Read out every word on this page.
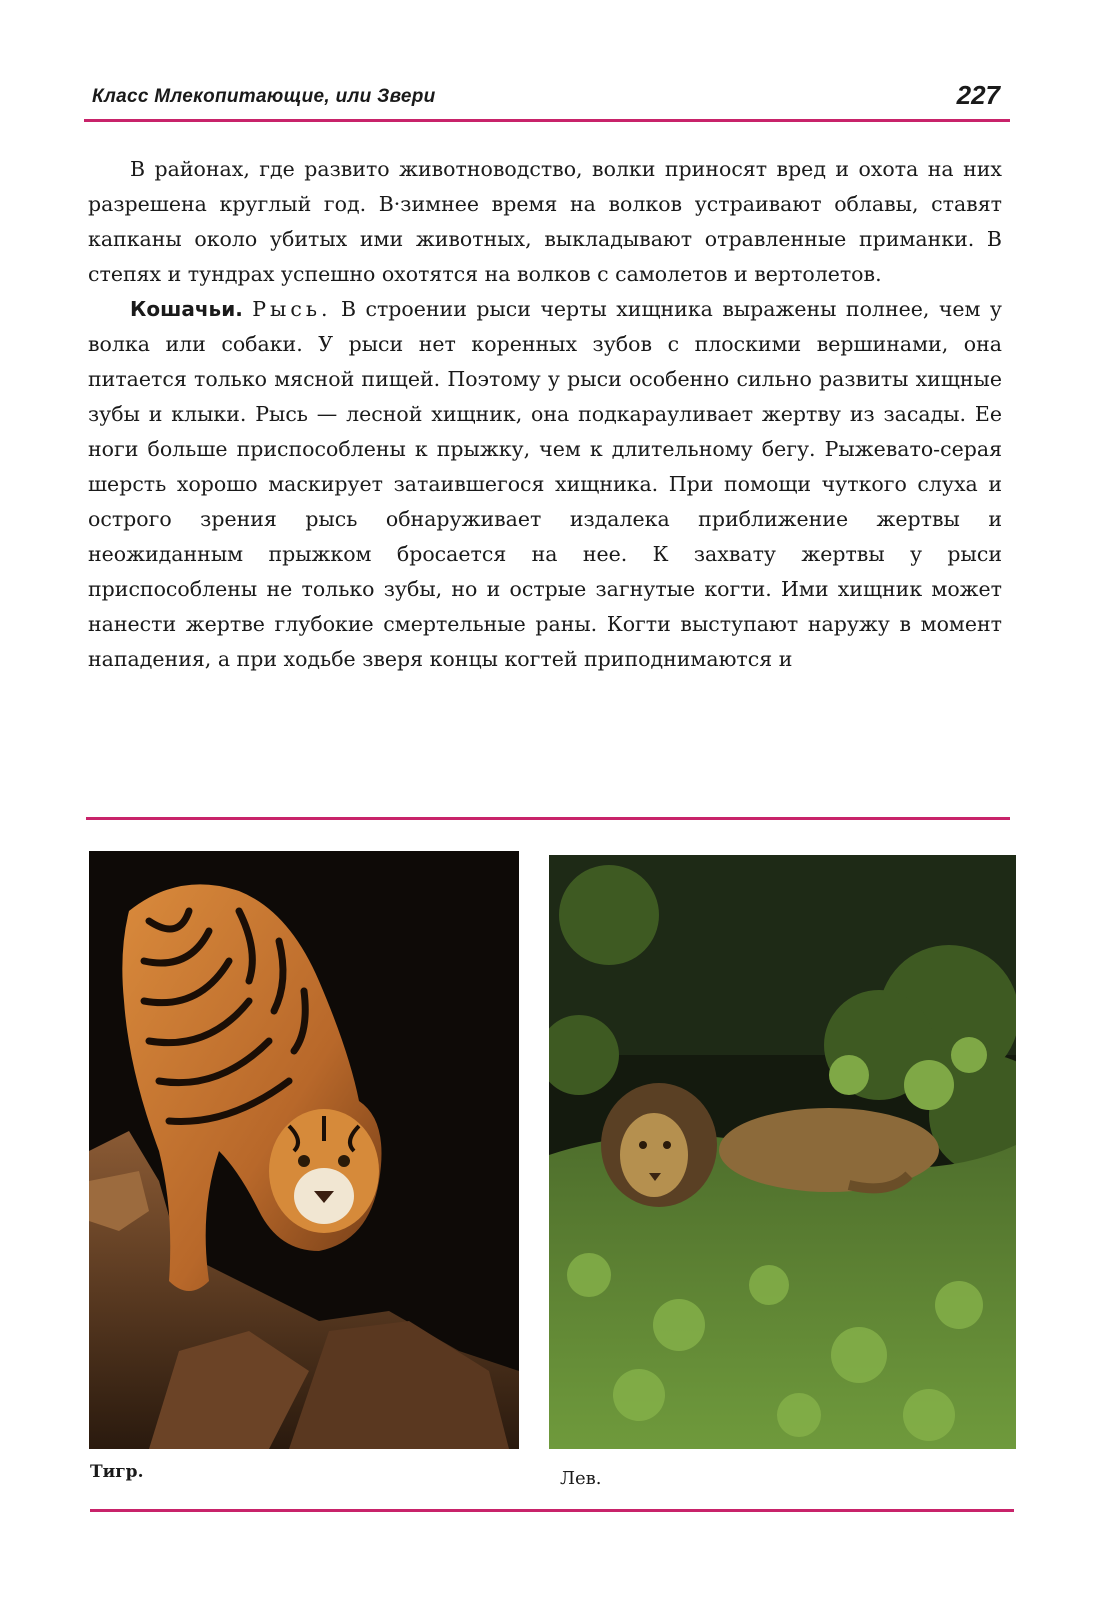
Класс Млекопитающие, или Звери	227

В районах, где развито животноводство, волки приносят вред и охота на них разрешена круглый год. В·зимнее время на волков устраивают облавы, ставят капканы около убитых ими животных, выкладывают отравленные приманки. В степях и тундрах успешно охотятся на волков с самолетов и вертолетов.

Кошачьи. Рысь. В строении рыси черты хищника выражены полнее, чем у волка или собаки. У рыси нет коренных зубов с плоскими вершинами, она питается только мясной пищей. Поэтому у рыси особенно сильно развиты хищные зубы и клыки. Рысь — лесной хищник, она подкарауливает жертву из засады. Ее ноги больше приспособлены к прыжку, чем к длительному бегу. Рыжевато-серая шерсть хорошо маскирует затаившегося хищника. При помощи чуткого слуха и острого зрения рысь обнаруживает издалека приближение жертвы и неожиданным прыжком бросается на нее. К захвату жертвы у рыси приспособлены не только зубы, но и острые загнутые когти. Ими хищник может нанести жертве глубокие смертельные раны. Когти выступают наружу в момент нападения, а при ходьбе зверя концы когтей приподнимаются и

Тигр.	Лев.
